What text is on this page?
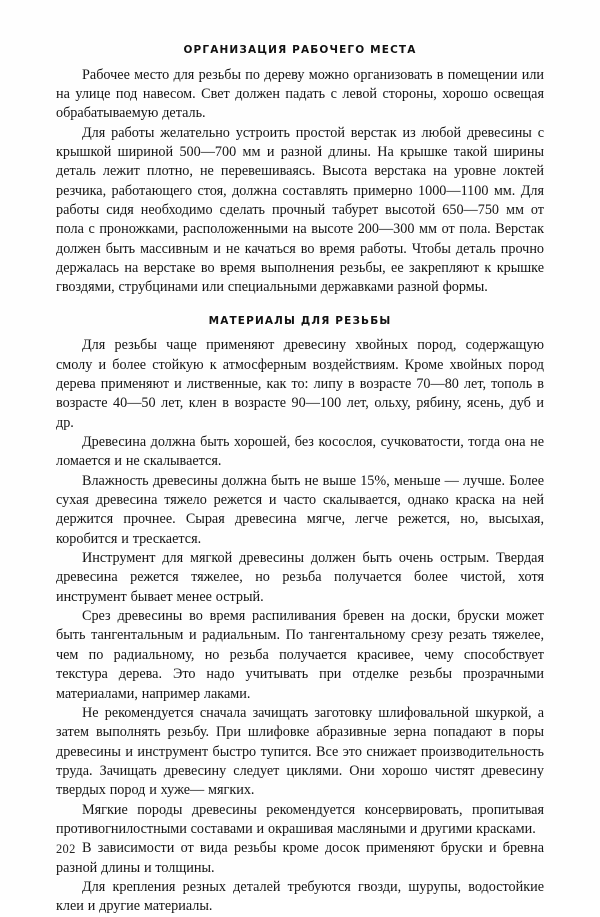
ОРГАНИЗАЦИЯ РАБОЧЕГО МЕСТА

Рабочее место для резьбы по дереву можно организовать в помещении или на улице под навесом. Свет должен падать с левой стороны, хорошо освещая обрабатываемую деталь.

Для работы желательно устроить простой верстак из любой древесины с крышкой шириной 500—700 мм и разной длины. На крышке такой ширины деталь лежит плотно, не перевешиваясь. Высота верстака на уровне локтей резчика, работающего стоя, должна составлять примерно 1000—1100 мм. Для работы сидя необходимо сделать прочный табурет высотой 650—750 мм от пола с проножками, расположенными на высоте 200—300 мм от пола. Верстак должен быть массивным и не качаться во время работы. Чтобы деталь прочно держалась на верстаке во время выполнения резьбы, ее закрепляют к крышке гвоздями, струбцинами или специальными державками разной формы.

МАТЕРИАЛЫ ДЛЯ РЕЗЬБЫ

Для резьбы чаще применяют древесину хвойных пород, содержащую смолу и более стойкую к атмосферным воздействиям. Кроме хвойных пород дерева применяют и лиственные, как то: липу в возрасте 70—80 лет, тополь в возрасте 40—50 лет, клен в возрасте 90—100 лет, ольху, рябину, ясень, дуб и др.

Древесина должна быть хорошей, без косослоя, сучковатости, тогда она не ломается и не скалывается.

Влажность древесины должна быть не выше 15%, меньше — лучше. Более сухая древесина тяжело режется и часто скалывается, однако краска на ней держится прочнее. Сырая древесина мягче, легче режется, но, высыхая, коробится и трескается.

Инструмент для мягкой древесины должен быть очень острым. Твердая древесина режется тяжелее, но резьба получается более чистой, хотя инструмент бывает менее острый.

Срез древесины во время распиливания бревен на доски, бруски может быть тангентальным и радиальным. По тангентальному срезу резать тяжелее, чем по радиальному, но резьба получается красивее, чему способствует текстура дерева. Это надо учитывать при отделке резьбы прозрачными материалами, например лаками.

Не рекомендуется сначала зачищать заготовку шлифовальной шкуркой, а затем выполнять резьбу. При шлифовке абразивные зерна попадают в поры древесины и инструмент быстро тупится. Все это снижает производительность труда. Зачищать древесину следует циклями. Они хорошо чистят древесину твердых пород и хуже— мягких.

Мягкие породы древесины рекомендуется консервировать, пропитывая противогнилостными составами и окрашивая масляными и другими красками.

В зависимости от вида резьбы кроме досок применяют бруски и бревна разной длины и толщины.

Для крепления резных деталей требуются гвозди, шурупы, водостойкие клеи и другие материалы.

202
